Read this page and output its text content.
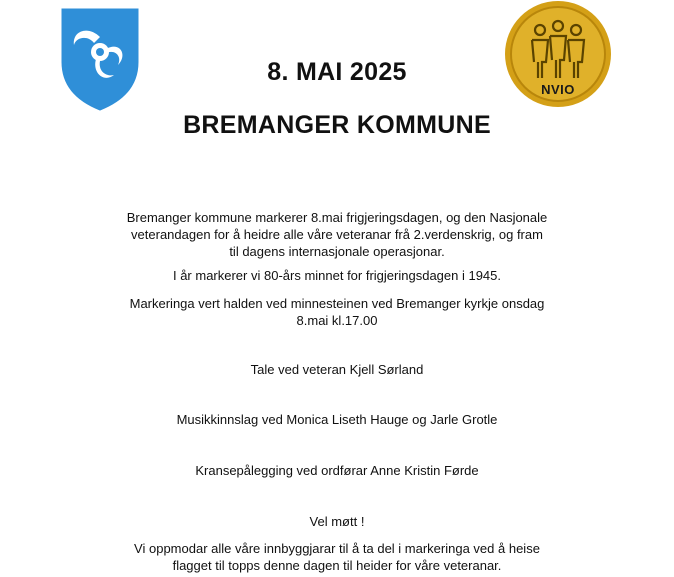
NVIO
8. MAI 2025
BREMANGER KOMMUNE
Bremanger kommune markerer 8.mai frigjeringsdagen, og den Nasjonale
veterandagen for å heidre alle våre veteranar frå 2.verdenskrig, og fram
til dagens internasjonale operasjonar.
I år markerer vi 80-års minnet for frigjeringsdagen i 1945.
Markeringa vert halden ved minnesteinen ved Bremanger kyrkje onsdag
8.mai kl.17.00
Tale ved veteran Kjell Sørland
Musikkinnslag ved Monica Liseth Hauge og Jarle Grotle
Kransepålegging ved ordførar Anne Kristin Førde
Vel møtt !
Vi oppmodar alle våre innbyggjarar til å ta del i markeringa ved å heise
flagget til topps denne dagen til heider for våre veteranar.
